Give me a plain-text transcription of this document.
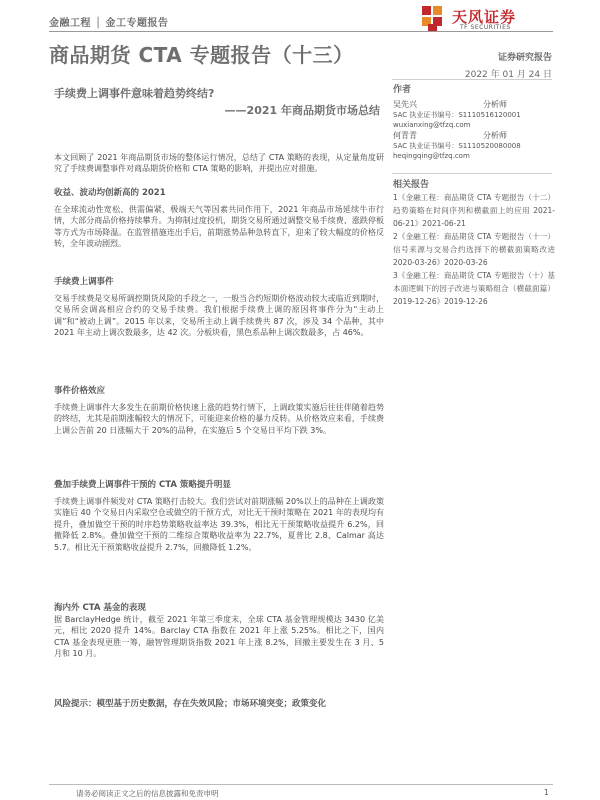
金融工程 │ 金工专题报告	天风证券
TF SECURITIES
商品期货 CTA 专题报告（十三）	证券研究报告
2022 年 01 月 24 日
手续费上调事件意味着趋势终结?
——2021 年商品期货市场总结
作者
吴先兴	分析师
SAC 执业证书编号：S1110516120001
wuxianxing@tfzq.com
何青青	分析师
SAC 执业证书编号：S1110520080008
heqingqing@tfzq.com
相关报告
1《金融工程：商品期货 CTA 专题报告（十二）趋势策略在时间序列和横截面上的应用 2021-06-21》2021-06-21
2《金融工程：商品期货 CTA 专题报告（十一）信号来源与交易合约选择下的横截面策略改进 2020-03-26》2020-03-26
3《金融工程：商品期货 CTA 专题报告（十）基本面逻辑下的因子改进与策略组合（横截面篇）2019-12-26》2019-12-26
本文回顾了 2021 年商品期货市场的整体运行情况，总结了 CTA 策略的表现，从定量角度研究了手续费调整事件对商品期货价格和 CTA 策略的影响，并提出应对措施。
收益、波动均创新高的 2021
在全球流动性宽松、供需偏紧、极端天气等因素共同作用下，2021 年商品市场延续牛市行情，大部分商品价格持续攀升。为抑制过度投机，期货交易所通过调整交易手续费、涨跌停板等方式为市场降温。在监管措施连出手后，前期涨势品种急转直下，迎来了较大幅度的价格反转，全年波动剧烈。
手续费上调事件
交易手续费是交易所调控期货风险的手段之一，一般当合约短期价格波动较大或临近到期时，交易所会调高相应合约的交易手续费。我们根据手续费上调的原因将事件分为“主动上调”和“被动上调”。2015 年以来，交易所主动上调手续费共 87 次，涉及 34 个品种，其中 2021 年主动上调次数最多，达 42 次。分板块看，黑色系品种上调次数最多，占 46%。
事件价格效应
手续费上调事件大多发生在前期价格快速上涨的趋势行情下，上调政策实施后往往伴随着趋势的终结，尤其是前期涨幅较大的情况下，可能迎来价格的暴力反转。从价格效应来看，手续费上调公告前 20 日涨幅大于 20%的品种，在实施后 5 个交易日平均下跌 3%。
叠加手续费上调事件干预的 CTA 策略提升明显
手续费上调事件频发对 CTA 策略打击较大。我们尝试对前期涨幅 20%以上的品种在上调政策实施后 40 个交易日内采取空仓或做空的干预方式，对比无干预时策略在 2021 年的表现均有提升，叠加做空干预的时序趋势策略收益率达 39.3%，相比无干预策略收益提升 6.2%，回撤降低 2.8%。叠加做空干预的二维综合策略收益率为 22.7%，夏普比 2.8、Calmar 高达 5.7。相比无干预策略收益提升 2.7%，回撤降低 1.2%。
海内外 CTA 基金的表现
据 BarclayHedge 统计，截至 2021 年第三季度末，全球 CTA 基金管理规模达 3430 亿美元，相比 2020 提升 14%。Barclay CTA 指数在 2021 年上涨 5.25%。相比之下，国内 CTA 基金表现更胜一筹，融智管理期货指数 2021 年上涨 8.2%，回撤主要发生在 3 月、5 月和 10 月。
风险提示：模型基于历史数据，存在失效风险；市场环境突变；政策变化
请务必阅读正文之后的信息披露和免责申明	1
